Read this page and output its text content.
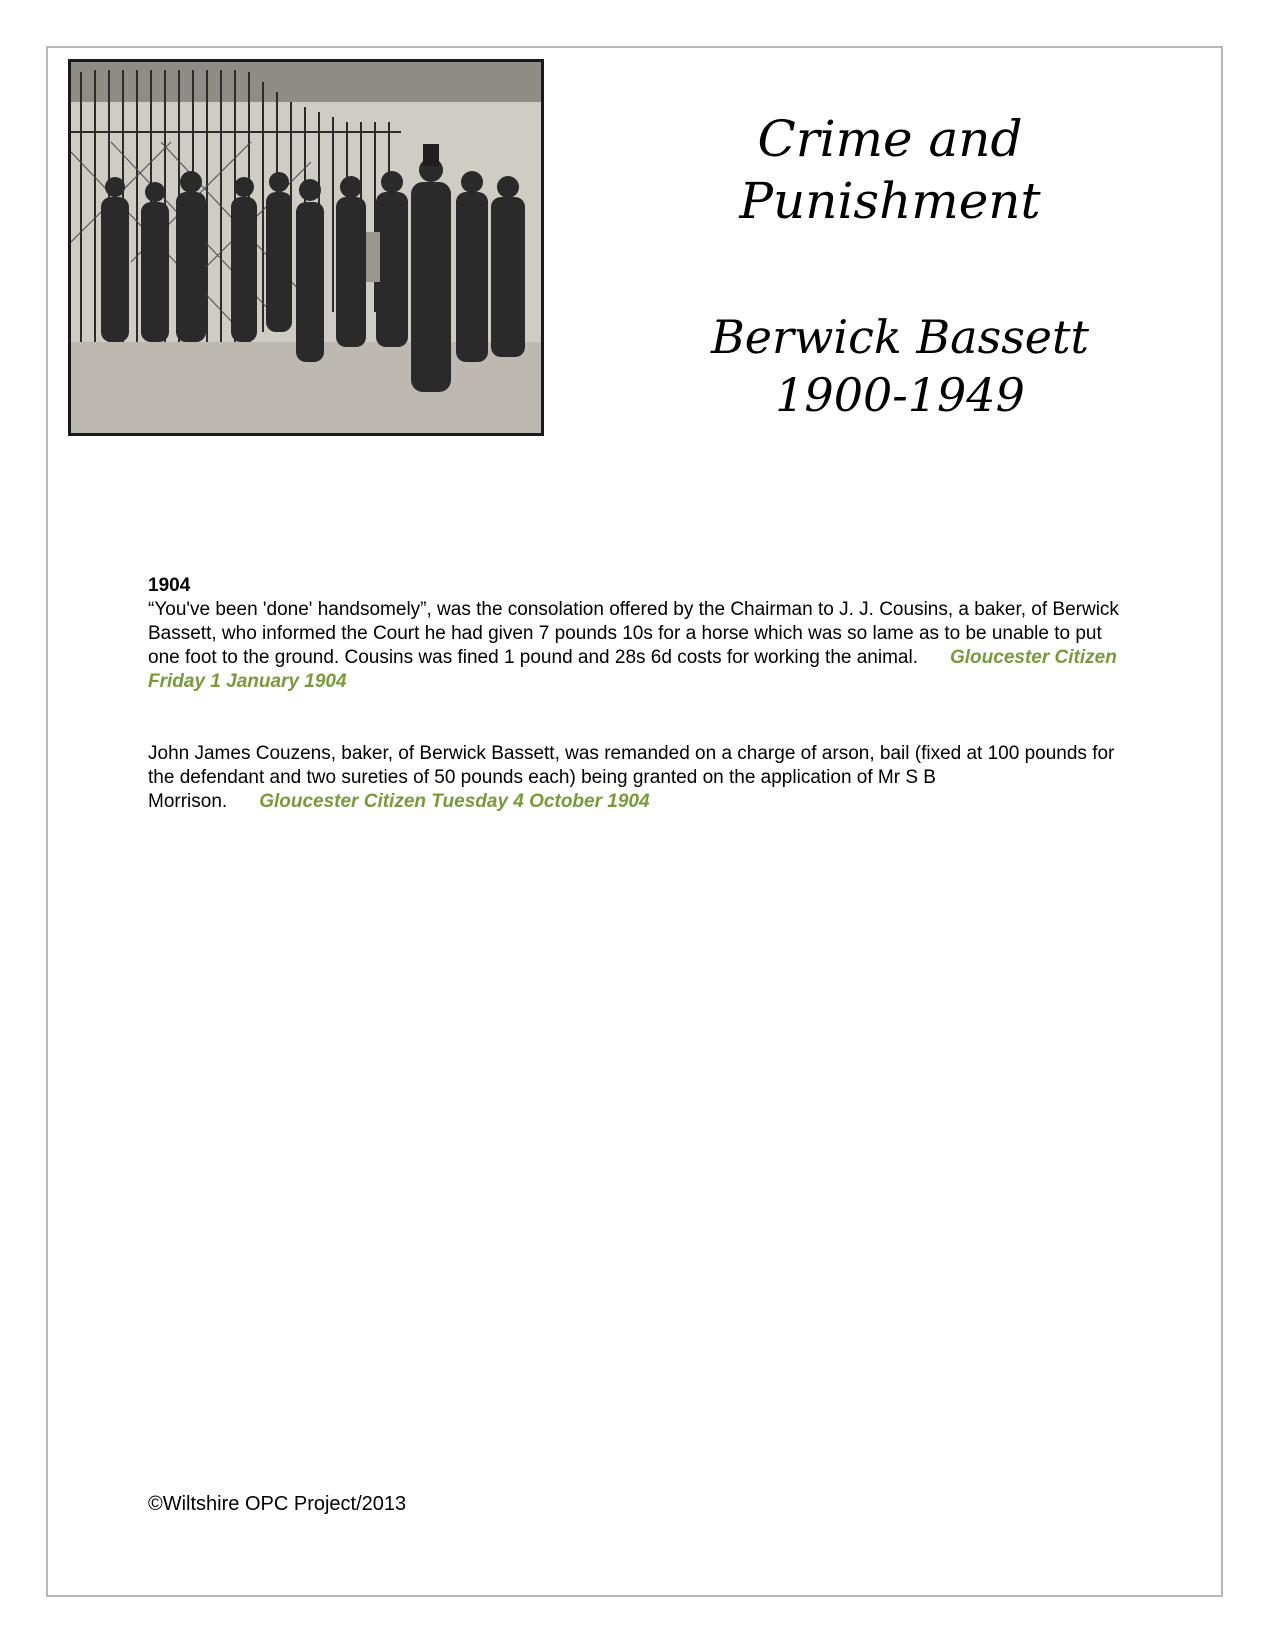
Crime and
Punishment
Berwick Bassett
1900-1949
1904

“You've been 'done' handsomely”, was the consolation offered by the Chairman to J. J. Cousins, a baker, of Berwick Bassett, who informed the Court he had given 7 pounds 10s for a horse which was so lame as to be unable to put one foot to the ground. Cousins was fined 1 pound and 28s 6d costs for working the animal. Gloucester Citizen Friday 1 January 1904

John James Couzens, baker, of Berwick Bassett, was remanded on a charge of arson, bail (fixed at 100 pounds for the defendant and two sureties of 50 pounds each) being granted on the application of Mr S B Morrison. Gloucester Citizen Tuesday 4 October 1904

©Wiltshire OPC Project/2013
